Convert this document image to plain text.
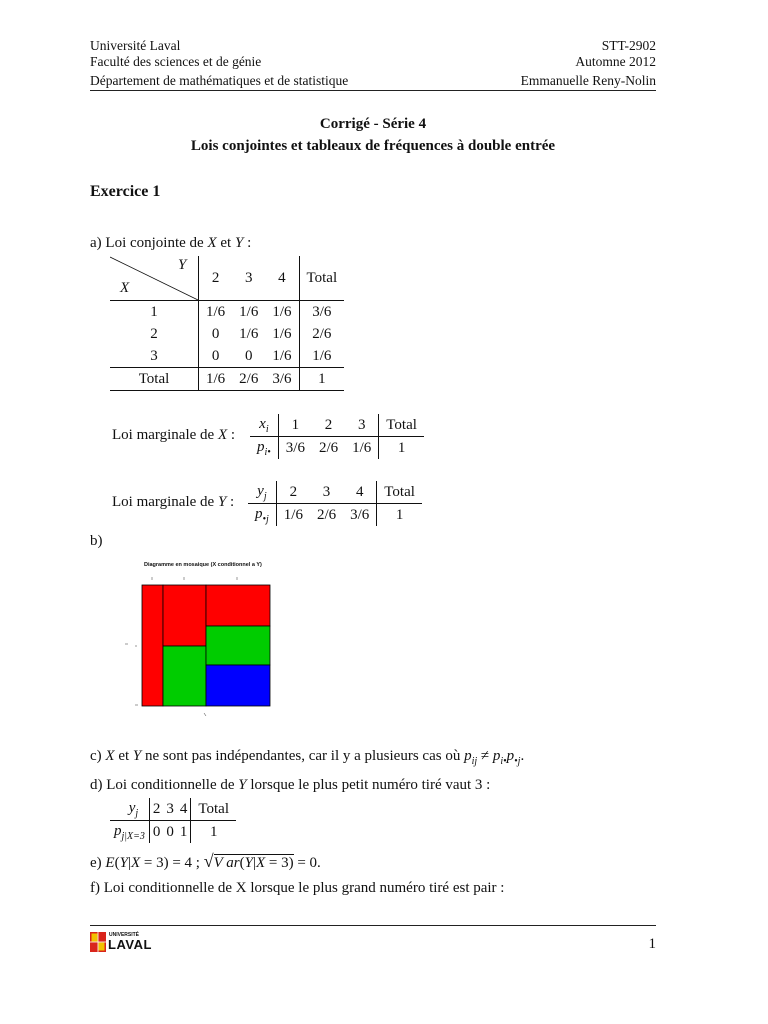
Université Laval
Faculté des sciences et de génie
Département de mathématiques et de statistique
STT-2902
Automne 2012
Emmanuelle Reny-Nolin
Corrigé - Série 4
Lois conjointes et tableaux de fréquences à double entrée
Exercice 1
a) Loi conjointe de X et Y :
Y
X
	2	3	4	Total
1	1/6	1/6	1/6	3/6
2	0	1/6	1/6	2/6
3	0	0	1/6	1/6
Total	1/6	2/6	3/6	1
Loi marginale de X :
$x_i$	1	2	3	Total
$p_{i•}$	3/6	2/6	1/6	1
Loi marginale de Y :
$y_j$	2	3	4	Total
$p_{•j}$	1/6	2/6	3/6	1
b)
Diagramme en mosaique (X conditionnel a Y)
c) X et Y ne sont pas indépendantes, car il y a plusieurs cas où $p_{ij} \ne p_{i•}p_{•j}$.
d) Loi conditionnelle de Y lorsque le plus petit numéro tiré vaut 3 :
$y_j$	2	3	4	Total
$p_{j|X=3}$	0	0	1	1
e) E(Y|X = 3) = 4 ; √V ar(Y|X = 3) = 0.
f) Loi conditionnelle de X lorsque le plus grand numéro tiré est pair :
UNIVERSITÉ
LAVAL	1
